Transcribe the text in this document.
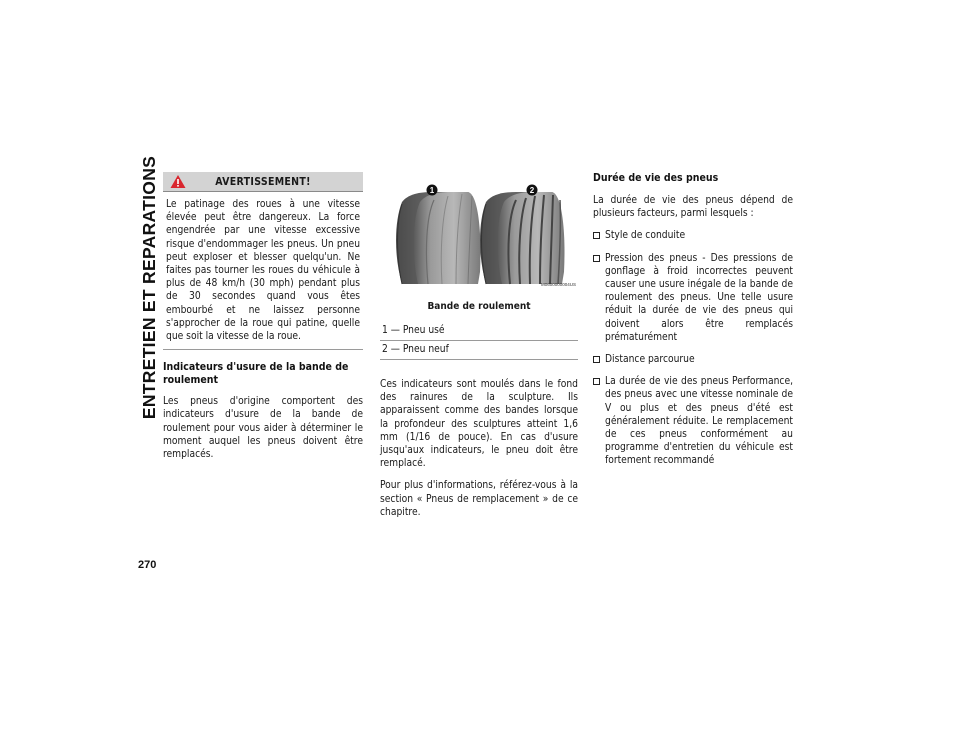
ENTRETIEN ET REPARATIONS
270
AVERTISSEMENT!

Le patinage des roues à une vitesse élevée peut être dangereux. La force engendrée par une vitesse excessive risque d'endommager les pneus. Un pneu peut exploser et blesser quelqu'un. Ne faites pas tourner les roues du véhicule à plus de 48 km/h (30 mph) pendant plus de 30 secondes quand vous êtes embourbé et ne laissez personne s'approcher de la roue qui patine, quelle que soit la vitesse de la roue.

Indicateurs d'usure de la bande de roulement

Les pneus d'origine comportent des indicateurs d'usure de la bande de roulement pour vous aider à déterminer le moment auquel les pneus doivent être remplacés.

1	2
M0600000004US
Bande de roulement
1 — Pneu usé
2 — Pneu neuf

Ces indicateurs sont moulés dans le fond des rainures de la sculpture. Ils apparaissent comme des bandes lorsque la profondeur des sculptures atteint 1,6 mm (1/16 de pouce). En cas d'usure jusqu'aux indicateurs, le pneu doit être remplacé.

Pour plus d'informations, référez-vous à la section « Pneus de remplacement » de ce chapitre.

Durée de vie des pneus

La durée de vie des pneus dépend de plusieurs facteurs, parmi lesquels :

Style de conduite
Pression des pneus - Des pressions de gonflage à froid incorrectes peuvent causer une usure inégale de la bande de roulement des pneus. Une telle usure réduit la durée de vie des pneus qui doivent alors être remplacés prématurément
Distance parcourue
La durée de vie des pneus Performance, des pneus avec une vitesse nominale de V ou plus et des pneus d'été est généralement réduite. Le remplacement de ces pneus conformément au programme d'entretien du véhicule est fortement recommandé
